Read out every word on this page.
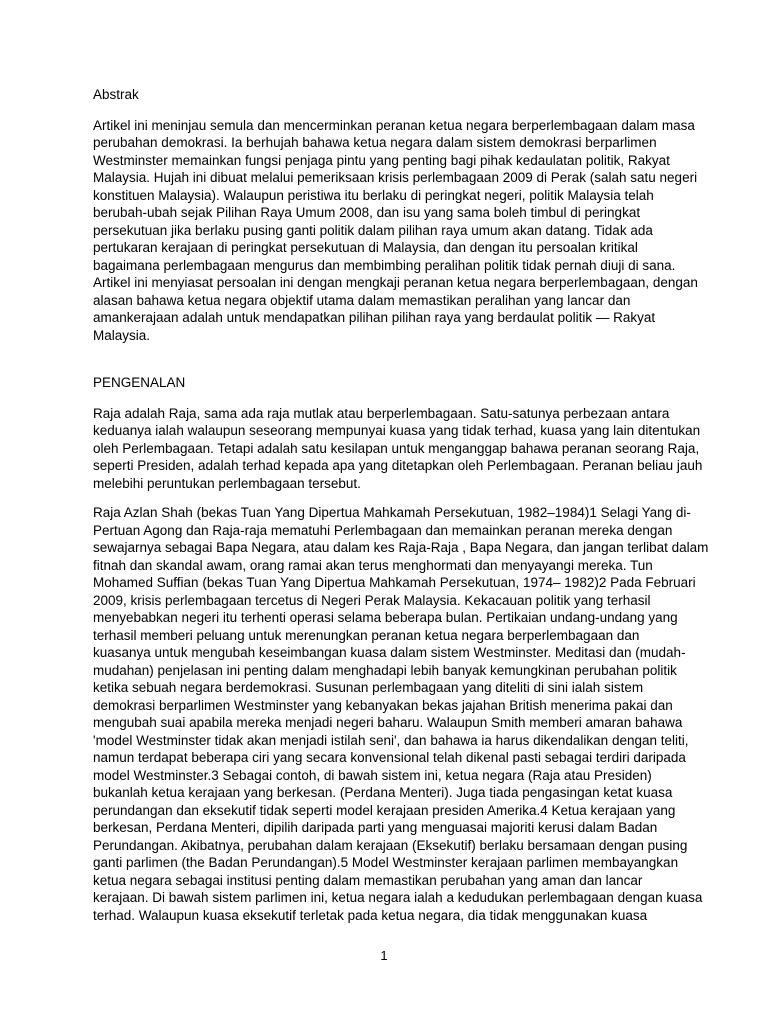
Abstrak
Artikel ini meninjau semula dan mencerminkan peranan ketua negara berperlembagaan dalam masa
perubahan demokrasi. Ia berhujah bahawa ketua negara dalam sistem demokrasi berparlimen
Westminster memainkan fungsi penjaga pintu yang penting bagi pihak kedaulatan politik, Rakyat
Malaysia. Hujah ini dibuat melalui pemeriksaan krisis perlembagaan 2009 di Perak (salah satu negeri
konstituen Malaysia). Walaupun peristiwa itu berlaku di peringkat negeri, politik Malaysia telah
berubah-ubah sejak Pilihan Raya Umum 2008, dan isu yang sama boleh timbul di peringkat
persekutuan jika berlaku pusing ganti politik dalam pilihan raya umum akan datang. Tidak ada
pertukaran kerajaan di peringkat persekutuan di Malaysia, dan dengan itu persoalan kritikal
bagaimana perlembagaan mengurus dan membimbing peralihan politik tidak pernah diuji di sana.
Artikel ini menyiasat persoalan ini dengan mengkaji peranan ketua negara berperlembagaan, dengan
alasan bahawa ketua negara objektif utama dalam memastikan peralihan yang lancar dan
amankerajaan adalah untuk mendapatkan pilihan pilihan raya yang berdaulat politik — Rakyat
Malaysia.
PENGENALAN
Raja adalah Raja, sama ada raja mutlak atau berperlembagaan. Satu-satunya perbezaan antara
keduanya ialah walaupun seseorang mempunyai kuasa yang tidak terhad, kuasa yang lain ditentukan
oleh Perlembagaan. Tetapi adalah satu kesilapan untuk menganggap bahawa peranan seorang Raja,
seperti Presiden, adalah terhad kepada apa yang ditetapkan oleh Perlembagaan. Peranan beliau jauh
melebihi peruntukan perlembagaan tersebut.
Raja Azlan Shah (bekas Tuan Yang Dipertua Mahkamah Persekutuan, 1982–1984)1 Selagi Yang di-
Pertuan Agong dan Raja-raja mematuhi Perlembagaan dan memainkan peranan mereka dengan
sewajarnya sebagai Bapa Negara, atau dalam kes Raja-Raja , Bapa Negara, dan jangan terlibat dalam
fitnah dan skandal awam, orang ramai akan terus menghormati dan menyayangi mereka. Tun
Mohamed Suffian (bekas Tuan Yang Dipertua Mahkamah Persekutuan, 1974– 1982)2 Pada Februari
2009, krisis perlembagaan tercetus di Negeri Perak Malaysia. Kekacauan politik yang terhasil
menyebabkan negeri itu terhenti operasi selama beberapa bulan. Pertikaian undang-undang yang
terhasil memberi peluang untuk merenungkan peranan ketua negara berperlembagaan dan
kuasanya untuk mengubah keseimbangan kuasa dalam sistem Westminster. Meditasi dan (mudah-
mudahan) penjelasan ini penting dalam menghadapi lebih banyak kemungkinan perubahan politik
ketika sebuah negara berdemokrasi. Susunan perlembagaan yang diteliti di sini ialah sistem
demokrasi berparlimen Westminster yang kebanyakan bekas jajahan British menerima pakai dan
mengubah suai apabila mereka menjadi negeri baharu. Walaupun Smith memberi amaran bahawa
'model Westminster tidak akan menjadi istilah seni', dan bahawa ia harus dikendalikan dengan teliti,
namun terdapat beberapa ciri yang secara konvensional telah dikenal pasti sebagai terdiri daripada
model Westminster.3 Sebagai contoh, di bawah sistem ini, ketua negara (Raja atau Presiden)
bukanlah ketua kerajaan yang berkesan. (Perdana Menteri). Juga tiada pengasingan ketat kuasa
perundangan dan eksekutif tidak seperti model kerajaan presiden Amerika.4 Ketua kerajaan yang
berkesan, Perdana Menteri, dipilih daripada parti yang menguasai majoriti kerusi dalam Badan
Perundangan. Akibatnya, perubahan dalam kerajaan (Eksekutif) berlaku bersamaan dengan pusing
ganti parlimen (the Badan Perundangan).5 Model Westminster kerajaan parlimen membayangkan
ketua negara sebagai institusi penting dalam memastikan perubahan yang aman dan lancar
kerajaan. Di bawah sistem parlimen ini, ketua negara ialah a kedudukan perlembagaan dengan kuasa
terhad. Walaupun kuasa eksekutif terletak pada ketua negara, dia tidak menggunakan kuasa
1
